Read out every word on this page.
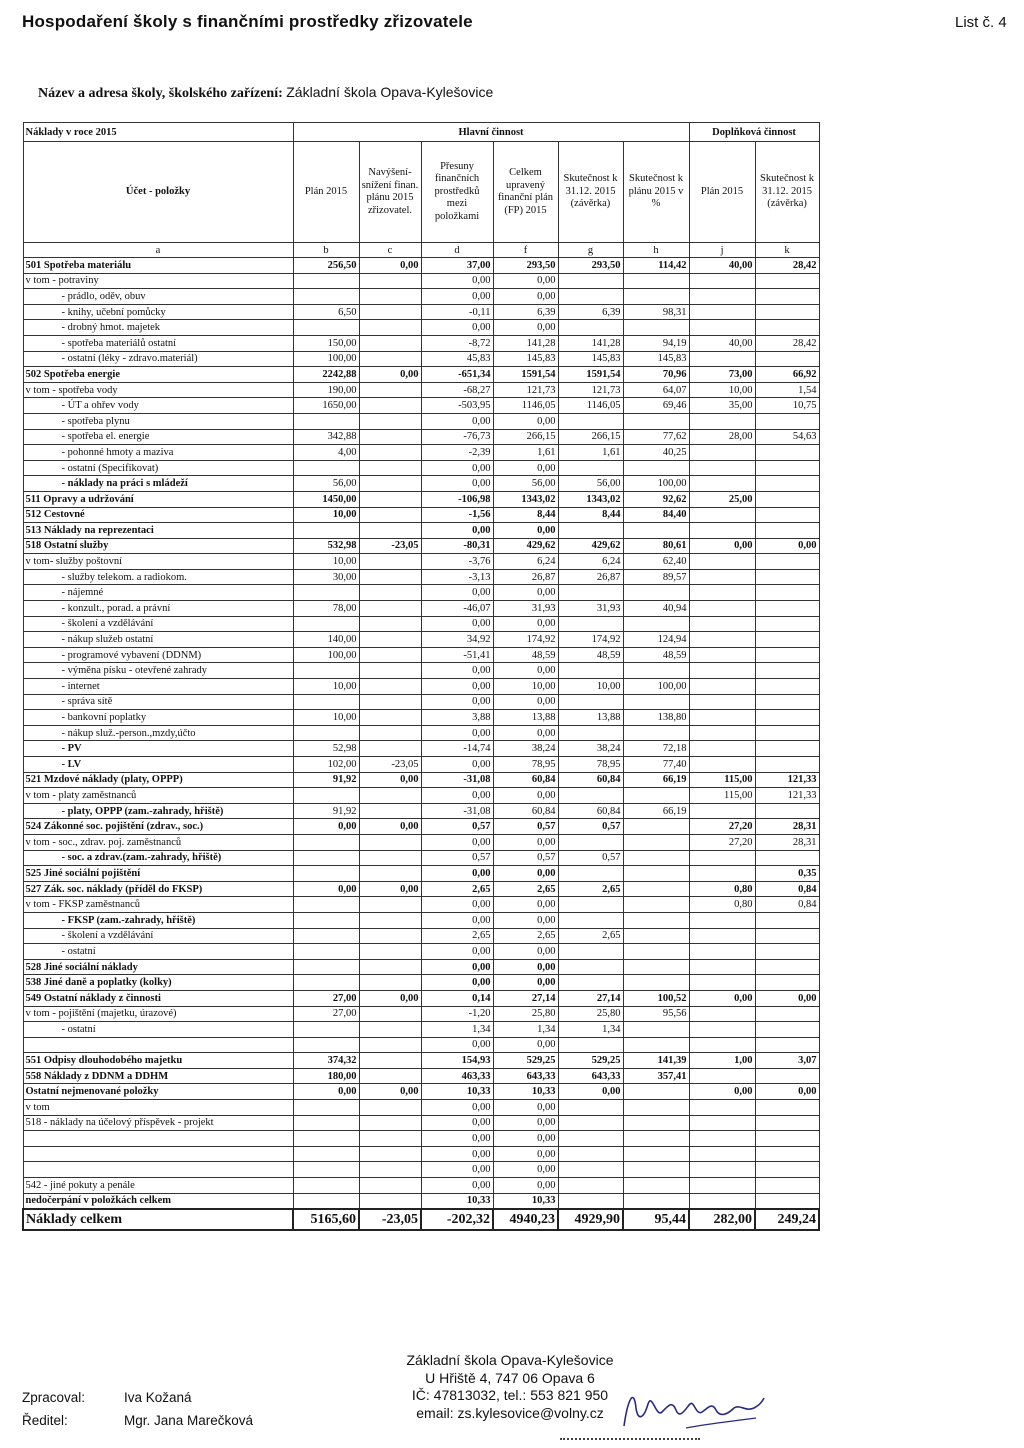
Hospodaření školy s finančními prostředky zřizovatele	List č. 4
Název a adresa školy, školského zařízení: Základní škola Opava-Kylešovice
Náklady v roce 2015	Hlavní činnost						Doplňková činnost	
Účet - položky	Plán 2015	Navýšení-snížení finan. plánu 2015 zřizovatel.	Přesuny finančních prostředků mezi položkami	Celkem upravený finanční plán (FP) 2015	Skutečnost k 31.12. 2015 (závěrka)	Skutečnost k plánu 2015 v %	Plán 2015	Skutečnost k 31.12. 2015 (závěrka)
a	b	c	d	f	g	h	j	k
501 Spotřeba materiálu	256,50	0,00	37,00	293,50	293,50	114,42	40,00	28,42
v tom - potraviny			0,00	0,00				
- prádlo, oděv, obuv			0,00	0,00				
- knihy, učební pomůcky	6,50		-0,11	6,39	6,39	98,31		
- drobný hmot. majetek			0,00	0,00				
- spotřeba materiálů ostatní	150,00		-8,72	141,28	141,28	94,19	40,00	28,42
- ostatní (léky - zdravo.materiál)	100,00		45,83	145,83	145,83	145,83		
502 Spotřeba energie	2242,88	0,00	-651,34	1591,54	1591,54	70,96	73,00	66,92
v tom - spotřeba vody	190,00		-68,27	121,73	121,73	64,07	10,00	1,54
- ÚT a ohřev vody	1650,00		-503,95	1146,05	1146,05	69,46	35,00	10,75
- spotřeba plynu			0,00	0,00				
- spotřeba el. energie	342,88		-76,73	266,15	266,15	77,62	28,00	54,63
- pohonné hmoty a maziva	4,00		-2,39	1,61	1,61	40,25		
- ostatní (Specifikovat)			0,00	0,00				
- náklady na práci s mládeží	56,00		0,00	56,00	56,00	100,00		
511 Opravy a udržování	1450,00		-106,98	1343,02	1343,02	92,62	25,00	
512 Cestovné	10,00		-1,56	8,44	8,44	84,40		
513 Náklady na reprezentaci			0,00	0,00				
518 Ostatní služby	532,98	-23,05	-80,31	429,62	429,62	80,61	0,00	0,00
v tom- služby poštovní	10,00		-3,76	6,24	6,24	62,40		
- služby telekom. a radiokom.	30,00		-3,13	26,87	26,87	89,57		
- nájemné			0,00	0,00				
- konzult., porad. a právní	78,00		-46,07	31,93	31,93	40,94		
- školení a vzdělávání			0,00	0,00				
- nákup služeb ostatní	140,00		34,92	174,92	174,92	124,94		
- programové vybavení (DDNM)	100,00		-51,41	48,59	48,59	48,59		
- výměna písku - otevřené zahrady			0,00	0,00				
- internet	10,00		0,00	10,00	10,00	100,00		
- správa sítě			0,00	0,00				
- bankovní poplatky	10,00		3,88	13,88	13,88	138,80		
- nákup služ.-person.,mzdy,účto			0,00	0,00				
- PV	52,98		-14,74	38,24	38,24	72,18		
- LV	102,00	-23,05	0,00	78,95	78,95	77,40		
521 Mzdové náklady (platy, OPPP)	91,92	0,00	-31,08	60,84	60,84	66,19	115,00	121,33
v tom - platy zaměstnanců			0,00	0,00			115,00	121,33
- platy, OPPP (zam.-zahrady, hřiště)	91,92		-31,08	60,84	60,84	66,19		
524 Zákonné soc. pojištění (zdrav., soc.)	0,00	0,00	0,57	0,57	0,57		27,20	28,31
v tom - soc., zdrav. poj. zaměstnanců			0,00	0,00			27,20	28,31
- soc. a zdrav.(zam.-zahrady, hřiště)			0,57	0,57	0,57			
525 Jiné sociální pojištění			0,00	0,00				0,35
527 Zák. soc. náklady (příděl do FKSP)	0,00	0,00	2,65	2,65	2,65		0,80	0,84
v tom - FKSP zaměstnanců			0,00	0,00			0,80	0,84
- FKSP (zam.-zahrady, hřiště)			0,00	0,00				
- školení a vzdělávání			2,65	2,65	2,65			
- ostatní			0,00	0,00				
528 Jiné sociální náklady			0,00	0,00				
538 Jiné daně a poplatky (kolky)			0,00	0,00				
549 Ostatní náklady z činnosti	27,00	0,00	0,14	27,14	27,14	100,52	0,00	0,00
v tom - pojištění (majetku, úrazové)	27,00		-1,20	25,80	25,80	95,56		
- ostatní			1,34	1,34	1,34			
			0,00	0,00				
551 Odpisy dlouhodobého majetku	374,32		154,93	529,25	529,25	141,39	1,00	3,07
558 Náklady z DDNM a DDHM	180,00		463,33	643,33	643,33	357,41		
Ostatní nejmenované položky	0,00	0,00	10,33	10,33	0,00		0,00	0,00
v tom			0,00	0,00				
518 - náklady na účelový příspěvek - projekt			0,00	0,00				
			0,00	0,00				
			0,00	0,00				
			0,00	0,00				
542 - jiné pokuty a penále			0,00	0,00				
nedočerpání v položkách celkem			10,33	10,33				
Náklady celkem	5165,60	-23,05	-202,32	4940,23	4929,90	95,44	282,00	249,24
Základní škola Opava-Kylešovice
U Hřiště 4, 747 06 Opava 6
IČ: 47813032, tel.: 553 821 950
email: zs.kylesovice@volny.cz
Zpracoval:	Iva Kožaná
Ředitel:	Mgr. Jana Marečková
